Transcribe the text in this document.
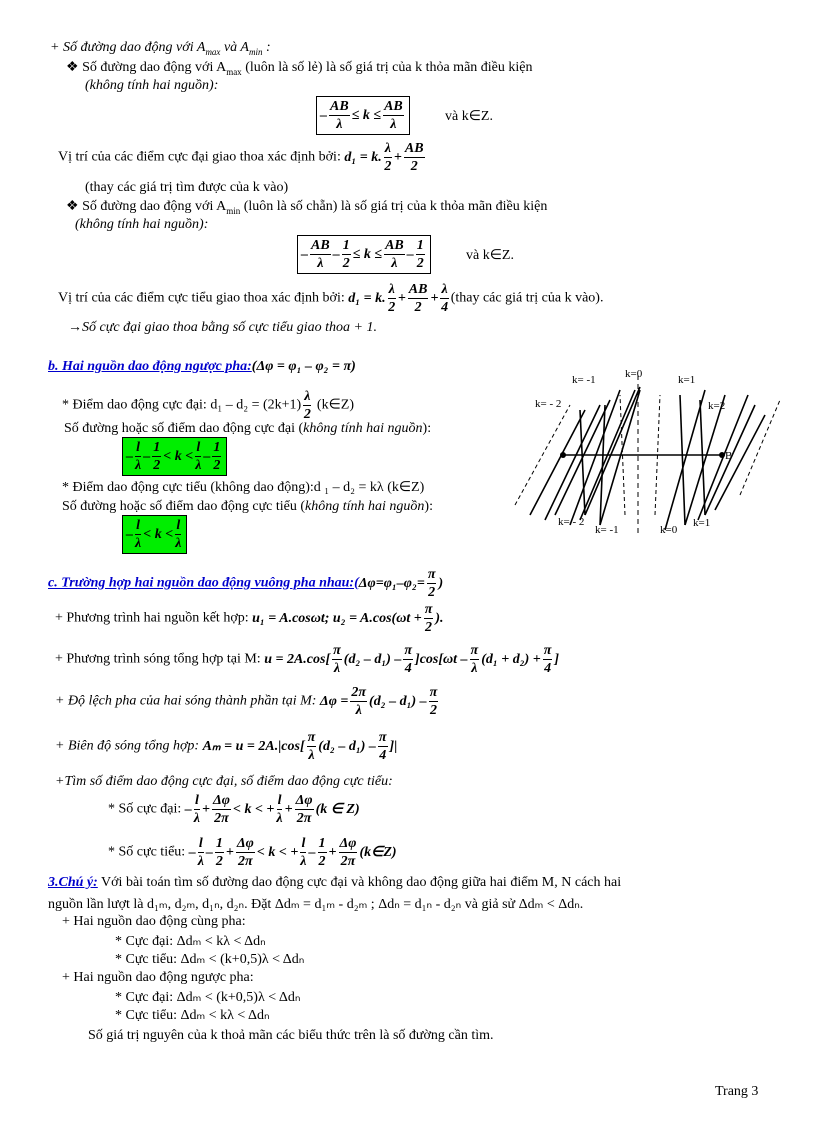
+ Số đường dao động với $A_{max}$ và $A_{min}$ :
❖ Số đường dao động với $A_{max}$ (luôn là số lẻ) là số giá trị của k thỏa mãn điều kiện
(không tính hai nguồn):
– $\frac{AB}{\lambda} \le k \le \frac{AB}{\lambda}$	và k∈Z.
Vị trí của các điểm cực đại giao thoa xác định bởi: d₁ = k. $\frac{\lambda}{2} + \frac{AB}{2}$
(thay các giá trị tìm được của k vào)
❖ Số đường dao động với $A_{min}$ (luôn là số chẵn) là số giá trị của k thỏa mãn điều kiện
(không tính hai nguồn):
– $\frac{AB}{\lambda} - \frac{1}{2} \le k \le \frac{AB}{\lambda} - \frac{1}{2}$	và k∈Z.
Vị trí của các điểm cực tiểu giao thoa xác định bởi: d₁ = k. $\frac{\lambda}{2} + \frac{AB}{2} + \frac{\lambda}{4}$ (thay các giá trị của k vào).
→Số cực đại giao thoa bằng số cực tiểu giao thoa + 1.
b. Hai nguồn dao động ngược pha: (Δφ = φ₁ – φ₂ = π)
* Điểm dao động cực đại: $d_1 - d_2 = (2k+1) \frac{\lambda}{2}$ (k∈Z)
Số đường hoặc số điểm dao động cực đại (không tính hai nguồn):
– $\frac{l}{\lambda} - \frac{1}{2} < k < \frac{l}{\lambda} - \frac{1}{2}$
* Điểm dao động cực tiểu (không dao động):d ₁ – d₂ = kλ (k∈Z)
Số đường hoặc số điểm dao động cực tiểu (không tính hai nguồn):
– $\frac{l}{\lambda} < k < \frac{l}{\lambda}$
k= -1	k=0	k=1
k= - 2	k=2
B
k= - 2
k= -1	k=0
k=1
c. Trường hợp hai nguồn dao động vuông pha nhau:( $\Delta\varphi=\varphi_1-\varphi_2= \frac{\pi}{2}$ )
+ Phương trình hai nguồn kết hợp: u₁ = A.cosωt; $u_2 = A.\cos(\omega t + \frac{\pi}{2}$ ).
+ Phương trình sóng tổng hợp tại M: $u = 2A.\cos[ \frac{\pi}{\lambda} (d_2 - d_1) - \frac{\pi}{4} ]\cos[\omega t - \frac{\pi}{\lambda} (d_1 + d_2) + \frac{\pi}{4}$ ]
+ Độ lệch pha của hai sóng thành phần tại M: $\Delta\varphi = \frac{2\pi}{\lambda} (d_2 - d_1) - \frac{\pi}{2}$
+ Biên độ sóng tổng hợp: $A_m = u = 2A.|\cos[ \frac{\pi}{\lambda} (d_2 - d_1) - \frac{\pi}{4}$ ]|
+Tìm số điểm dao động cực đại, số điểm dao động cực tiểu:
* Số cực đại: – $\frac{l}{\lambda} + \frac{\Delta\varphi}{2\pi} < k$ < + $\frac{l}{\lambda} + \frac{\Delta\varphi}{2\pi} (k$ ∈ Z)
* Số cực tiểu: – $\frac{l}{\lambda} - \frac{1}{2} + \frac{\Delta\varphi}{2\pi} < k$ < + $\frac{l}{\lambda} - \frac{1}{2} + \frac{\Delta\varphi}{2\pi}$ (k∈Z)
3.Chú ý: Với bài toán tìm số đường dao động cực đại và không dao động giữa hai điểm M, N cách hai
nguồn lần lượt là d₁ₘ, d₂ₘ, d₁ₙ, d₂ₙ. Đặt Δdₘ = d₁ₘ - d₂ₘ ; Δdₙ = d₁ₙ - d₂ₙ và giả sử Δdₘ < Δdₙ.
+ Hai nguồn dao động cùng pha:
* Cực đại: Δdₘ < kλ < Δdₙ
* Cực tiểu: Δdₘ < (k+0,5)λ < Δdₙ
+ Hai nguồn dao động ngược pha:
* Cực đại: Δdₘ < (k+0,5)λ < Δdₙ
* Cực tiểu: Δdₘ < kλ < Δdₙ
Số giá trị nguyên của k thoả mãn các biểu thức trên là số đường cần tìm.
Trang 3
